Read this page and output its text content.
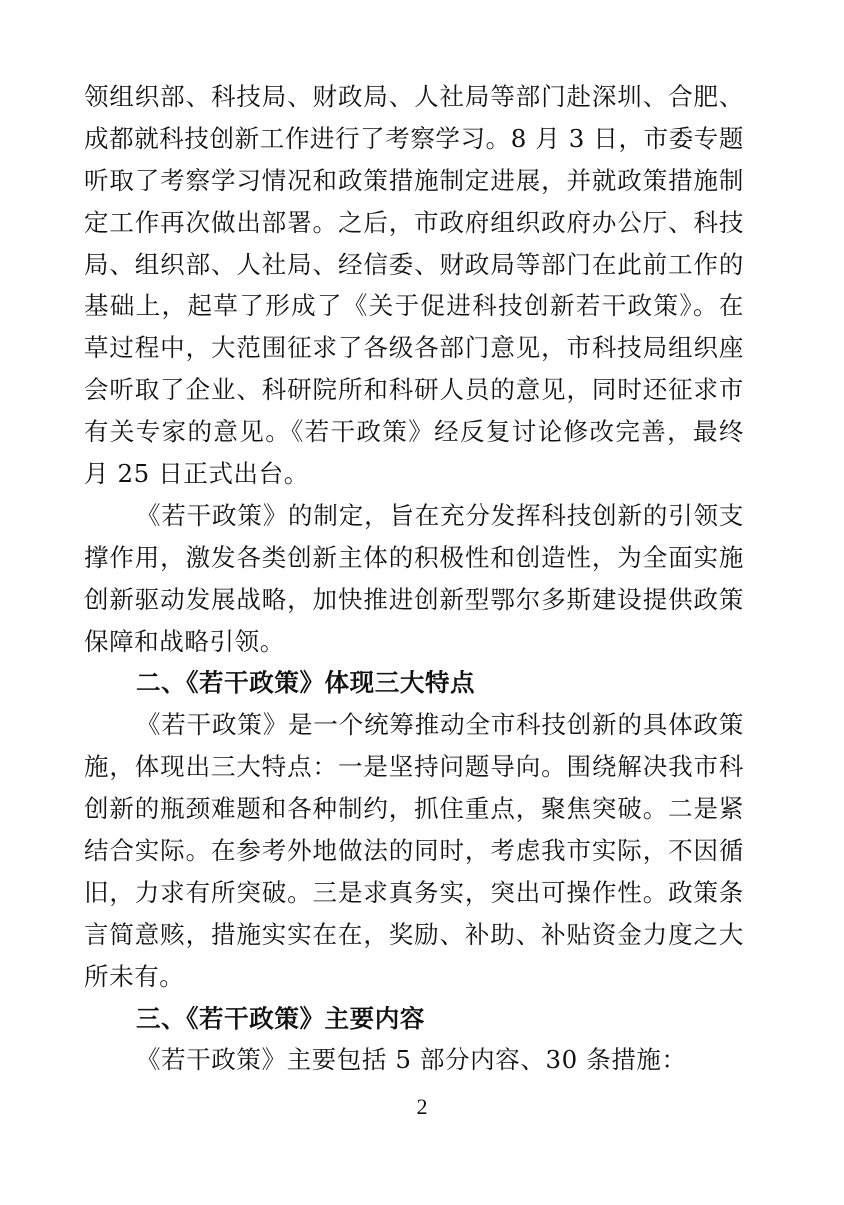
领组织部、科技局、财政局、人社局等部门赴深圳、合肥、
成都就科技创新工作进行了考察学习。8 月 3 日，市委专题
听取了考察学习情况和政策措施制定进展，并就政策措施制
定工作再次做出部署。之后，市政府组织政府办公厅、科技
局、组织部、人社局、经信委、财政局等部门在此前工作的
基础上，起草了形成了《关于促进科技创新若干政策》。在
草过程中，大范围征求了各级各部门意见，市科技局组织座
会听取了企业、科研院所和科研人员的意见，同时还征求市
有关专家的意见。《若干政策》经反复讨论修改完善，最终
月 25 日正式出台。
《若干政策》的制定，旨在充分发挥科技创新的引领支
撑作用，激发各类创新主体的积极性和创造性，为全面实施
创新驱动发展战略，加快推进创新型鄂尔多斯建设提供政策
保障和战略引领。
二、《若干政策》体现三大特点
《若干政策》是一个统筹推动全市科技创新的具体政策
施，体现出三大特点：一是坚持问题导向。围绕解决我市科
创新的瓶颈难题和各种制约，抓住重点，聚焦突破。二是紧
结合实际。在参考外地做法的同时，考虑我市实际，不因循
旧，力求有所突破。三是求真务实，突出可操作性。政策条
言简意赅，措施实实在在，奖励、补助、补贴资金力度之大
所未有。
三、《若干政策》主要内容
《若干政策》主要包括 5 部分内容、30 条措施：
2
